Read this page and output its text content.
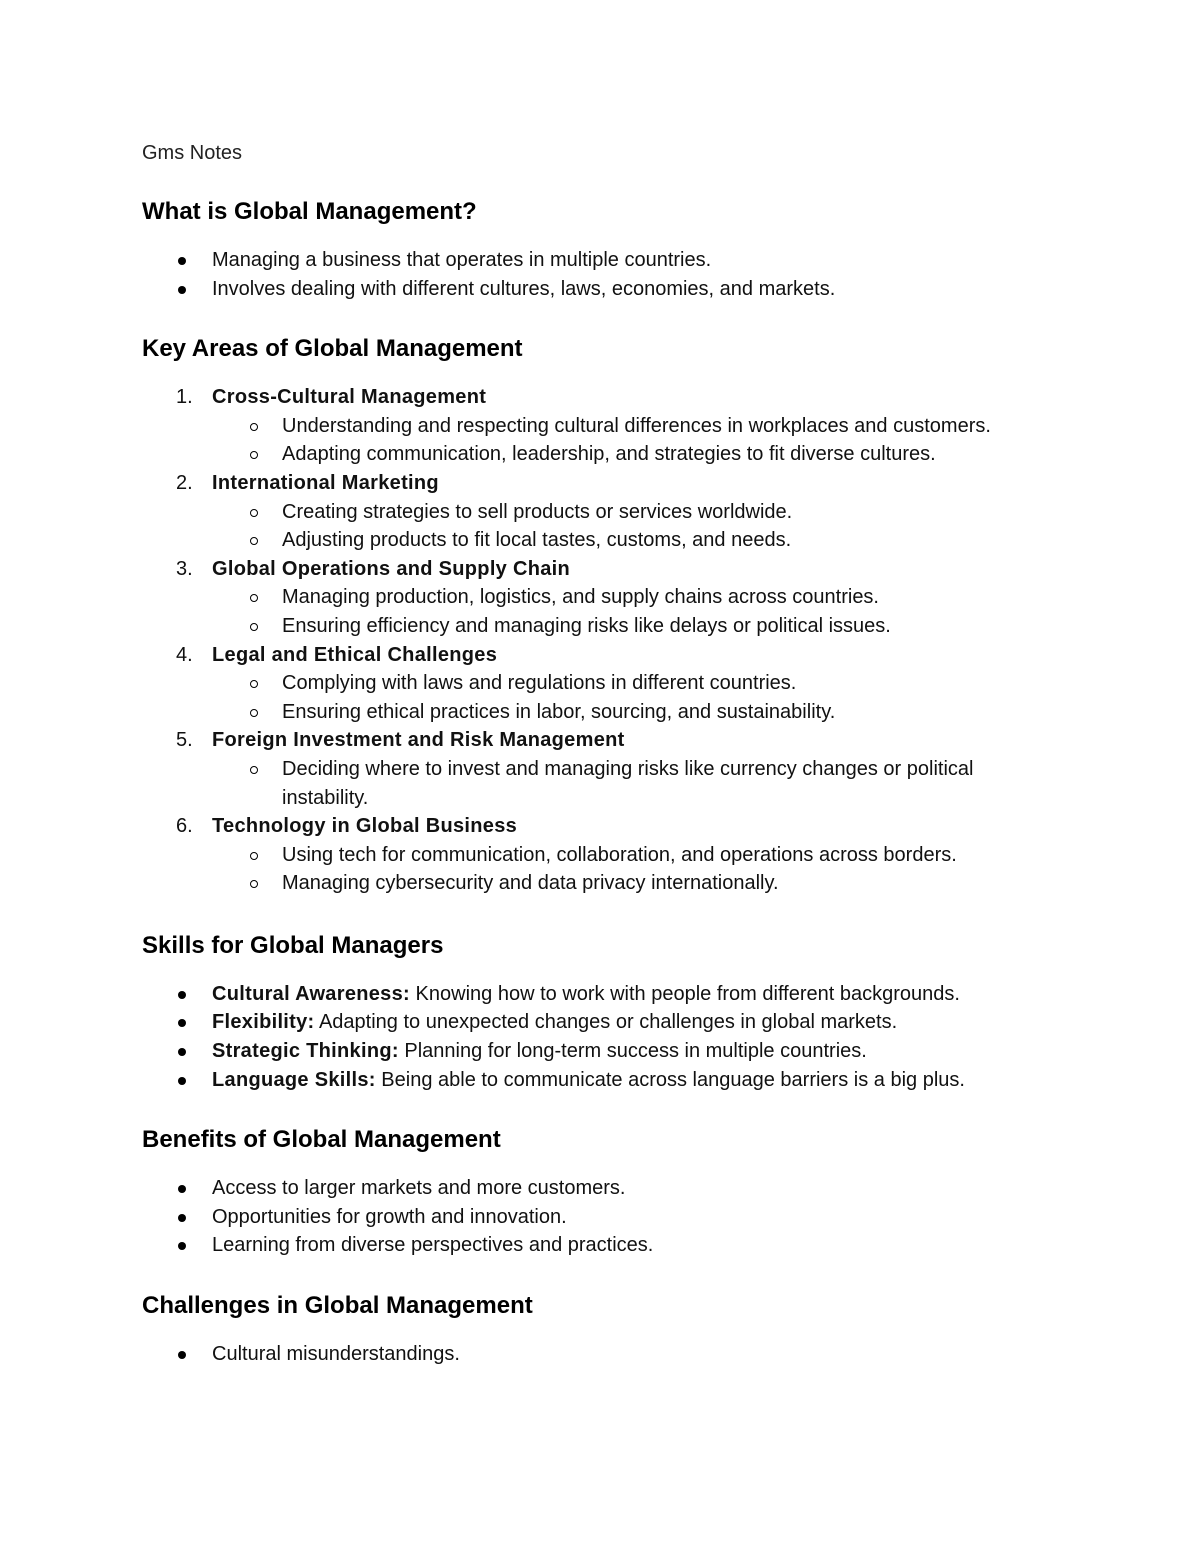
Gms Notes
What is Global Management?
Managing a business that operates in multiple countries.
Involves dealing with different cultures, laws, economies, and markets.
Key Areas of Global Management
1. Cross-Cultural Management
Understanding and respecting cultural differences in workplaces and customers.
Adapting communication, leadership, and strategies to fit diverse cultures.
2. International Marketing
Creating strategies to sell products or services worldwide.
Adjusting products to fit local tastes, customs, and needs.
3. Global Operations and Supply Chain
Managing production, logistics, and supply chains across countries.
Ensuring efficiency and managing risks like delays or political issues.
4. Legal and Ethical Challenges
Complying with laws and regulations in different countries.
Ensuring ethical practices in labor, sourcing, and sustainability.
5. Foreign Investment and Risk Management
Deciding where to invest and managing risks like currency changes or political instability.
6. Technology in Global Business
Using tech for communication, collaboration, and operations across borders.
Managing cybersecurity and data privacy internationally.
Skills for Global Managers
Cultural Awareness: Knowing how to work with people from different backgrounds.
Flexibility: Adapting to unexpected changes or challenges in global markets.
Strategic Thinking: Planning for long-term success in multiple countries.
Language Skills: Being able to communicate across language barriers is a big plus.
Benefits of Global Management
Access to larger markets and more customers.
Opportunities for growth and innovation.
Learning from diverse perspectives and practices.
Challenges in Global Management
Cultural misunderstandings.
